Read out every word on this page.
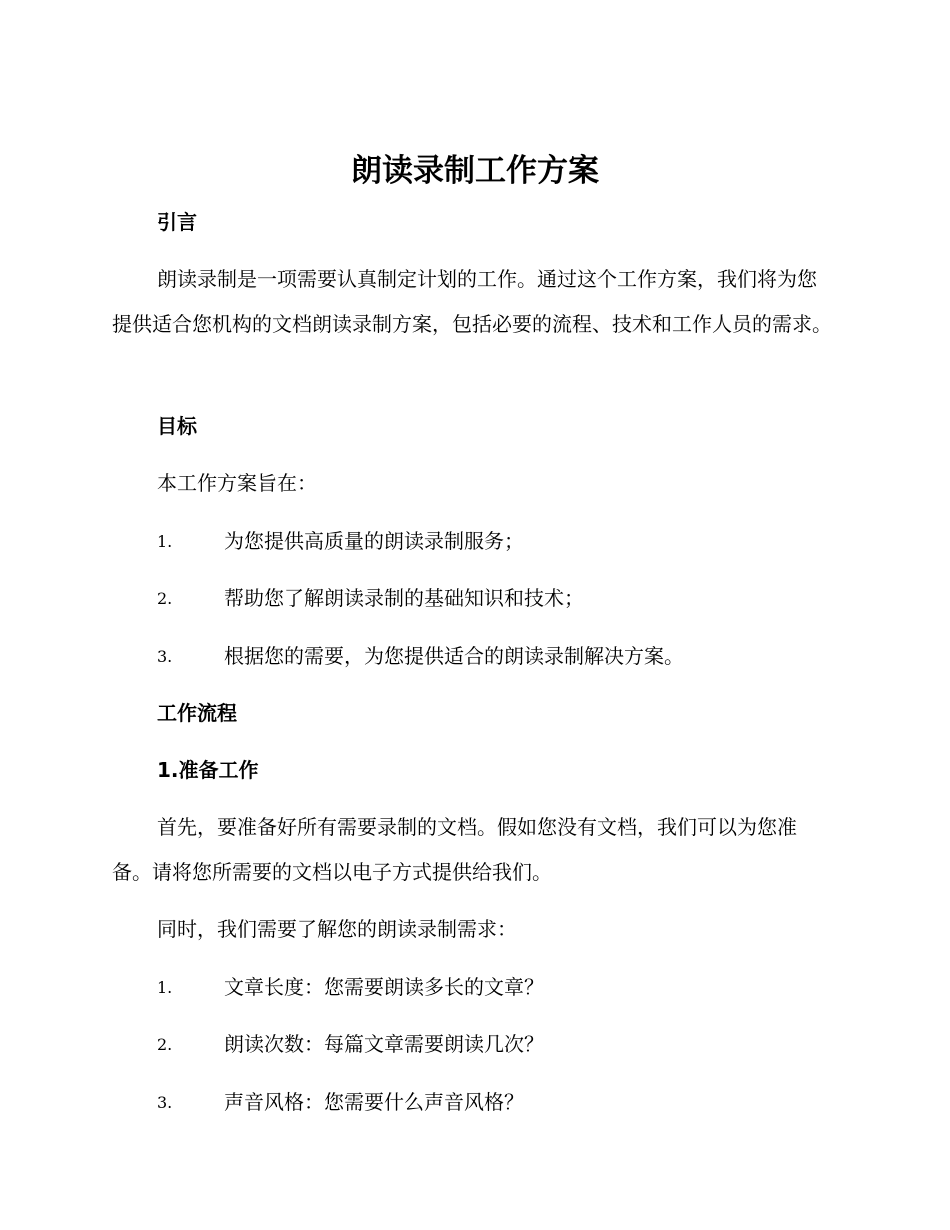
朗读录制工作方案
引言
朗读录制是一项需要认真制定计划的工作。通过这个工作方案，我们将为您提供适合您机构的文档朗读录制方案，包括必要的流程、技术和工作人员的需求。
目标
本工作方案旨在：
1.	为您提供高质量的朗读录制服务；
2.	帮助您了解朗读录制的基础知识和技术；
3.	根据您的需要，为您提供适合的朗读录制解决方案。
工作流程
1.准备工作
首先，要准备好所有需要录制的文档。假如您没有文档，我们可以为您准备。请将您所需要的文档以电子方式提供给我们。
同时，我们需要了解您的朗读录制需求：
1.	文章长度：您需要朗读多长的文章？
2.	朗读次数：每篇文章需要朗读几次？
3.	声音风格：您需要什么声音风格？
